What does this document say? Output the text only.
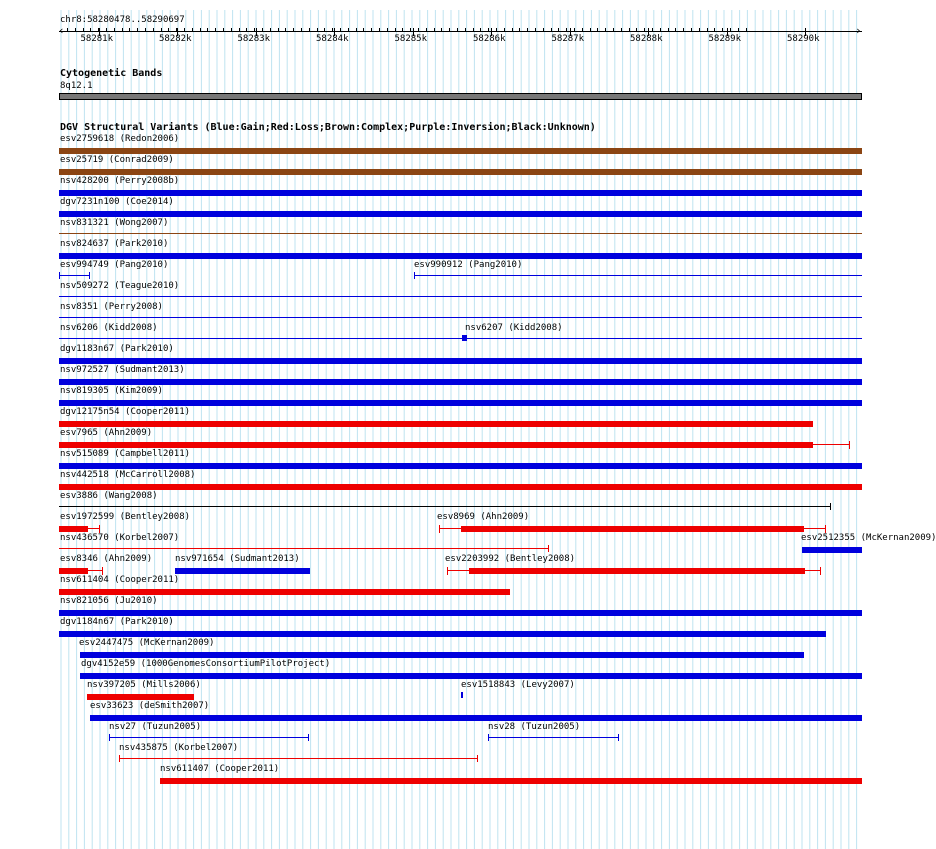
chr8:58280478..58290697
58281k	58282k	58283k	58284k	58285k	58286k	58287k	58288k	58289k	58290k
‹	›
Cytogenetic Bands
8q12.1
DGV Structural Variants (Blue:Gain;Red:Loss;Brown:Complex;Purple:Inversion;Black:Unknown)
esv2759618 (Redon2006)
esv25719 (Conrad2009)
nsv428200 (Perry2008b)
dgv7231n100 (Coe2014)
nsv831321 (Wong2007)
nsv824637 (Park2010)
esv994749 (Pang2010)	esv990912 (Pang2010)
nsv509272 (Teague2010)
nsv8351 (Perry2008)
nsv6206 (Kidd2008)	nsv6207 (Kidd2008)
dgv1183n67 (Park2010)
nsv972527 (Sudmant2013)
nsv819305 (Kim2009)
dgv12175n54 (Cooper2011)
esv7965 (Ahn2009)
nsv515089 (Campbell2011)
nsv442518 (McCarroll2008)
esv3886 (Wang2008)
esv1972599 (Bentley2008)	esv8969 (Ahn2009)
nsv436570 (Korbel2007)	esv2512355 (McKernan2009)
esv8346 (Ahn2009)	nsv971654 (Sudmant2013)	esv2203992 (Bentley2008)
nsv611404 (Cooper2011)
nsv821056 (Ju2010)
dgv1184n67 (Park2010)
esv2447475 (McKernan2009)
dgv4152e59 (1000GenomesConsortiumPilotProject)
nsv397205 (Mills2006)	esv1518843 (Levy2007)
esv33623 (deSmith2007)
nsv27 (Tuzun2005)	nsv28 (Tuzun2005)
nsv435875 (Korbel2007)
nsv611407 (Cooper2011)
